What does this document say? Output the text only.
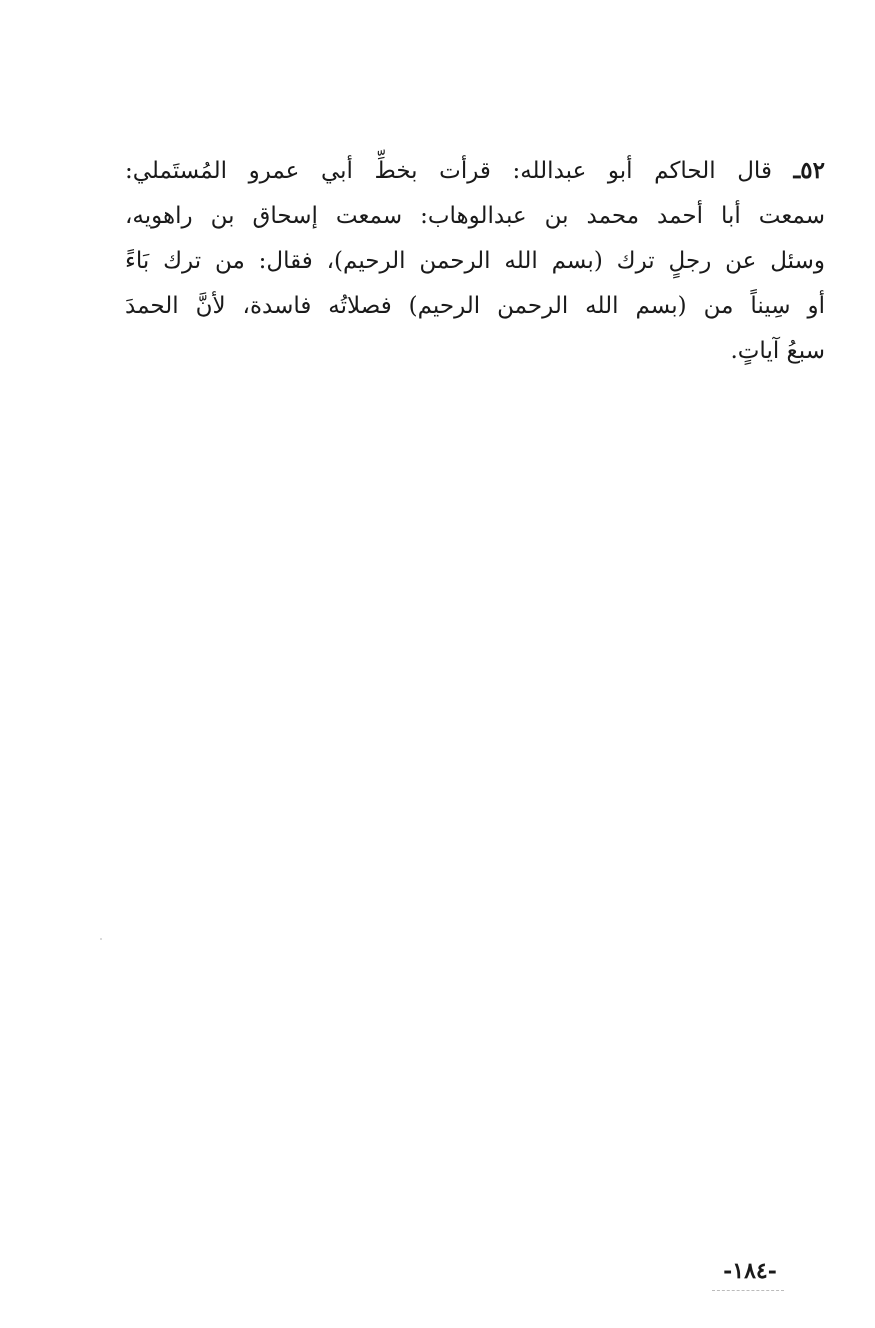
٥٢ـ قال الحاكم أبو عبدالله: قرأت بخطِّ أبي عمرو المُستَملي:
سمعت أبا أحمد محمد بن عبدالوهاب: سمعت إسحاق بن راهويه،
وسئل عن رجلٍ ترك (بسم الله الرحمن الرحيم)، فقال: من ترك بَاءً
أو سِيناً من (بسم الله الرحمن الرحيم) فصلاتُه فاسدة، لأنَّ الحمدَ
سبعُ آياتٍ.
-١٨٤-
